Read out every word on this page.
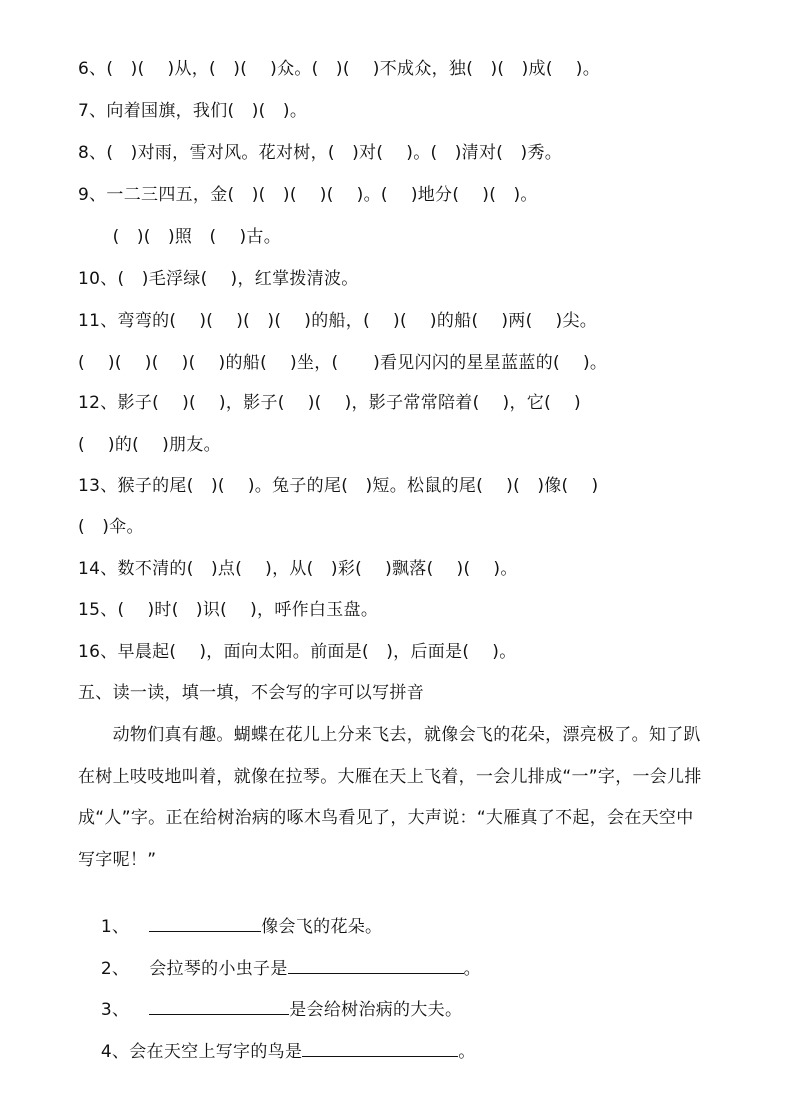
6、(　)(　 )从，(　)(　 )众。(　)(　 )不成众，独(　)(　)成(　 )。
7、向着国旗，我们(　)(　)。
8、(　)对雨，雪对风。花对树，(　)对(　 )。(　)清对(　)秀。
9、一二三四五，金(　)(　)(　 )(　 )。(　 )地分(　 )(　)。
　　(　)(　)照　(　 )古。
10、(　)毛浮绿(　 )，红掌拨清波。
11、弯弯的(　 )(　 )(　)(　 )的船，(　 )(　 )的船(　 )两(　 )尖。
(　 )(　 )(　 )(　 )的船(　 )坐，(　　)看见闪闪的星星蓝蓝的(　 )。
12、影子(　 )(　 )，影子(　 )(　 )，影子常常陪着(　 )，它(　 )
(　 )的(　 )朋友。
13、猴子的尾(　)(　 )。兔子的尾(　)短。松鼠的尾(　 )(　)像(　 )
(　)伞。
14、数不清的(　)点(　 )，从(　)彩(　 )飘落(　 )(　 )。
15、(　 )时(　)识(　 )，呼作白玉盘。
16、早晨起(　 )，面向太阳。前面是(　)，后面是(　 )。
五、读一读，填一填，不会写的字可以写拼音
　　动物们真有趣。蝴蝶在花儿上分来飞去，就像会飞的花朵，漂亮极了。知了趴
在树上吱吱地叫着，就像在拉琴。大雁在天上飞着，一会儿排成“一”字，一会儿排
成“人”字。正在给树治病的啄木鸟看见了，大声说：“大雁真了不起，会在天空中
写字呢！”

1、	像会飞的花朵。

2、 会拉琴的小虫子是	。

3、	是会给树治病的大夫。

4、会在天空上写字的鸟是	。
